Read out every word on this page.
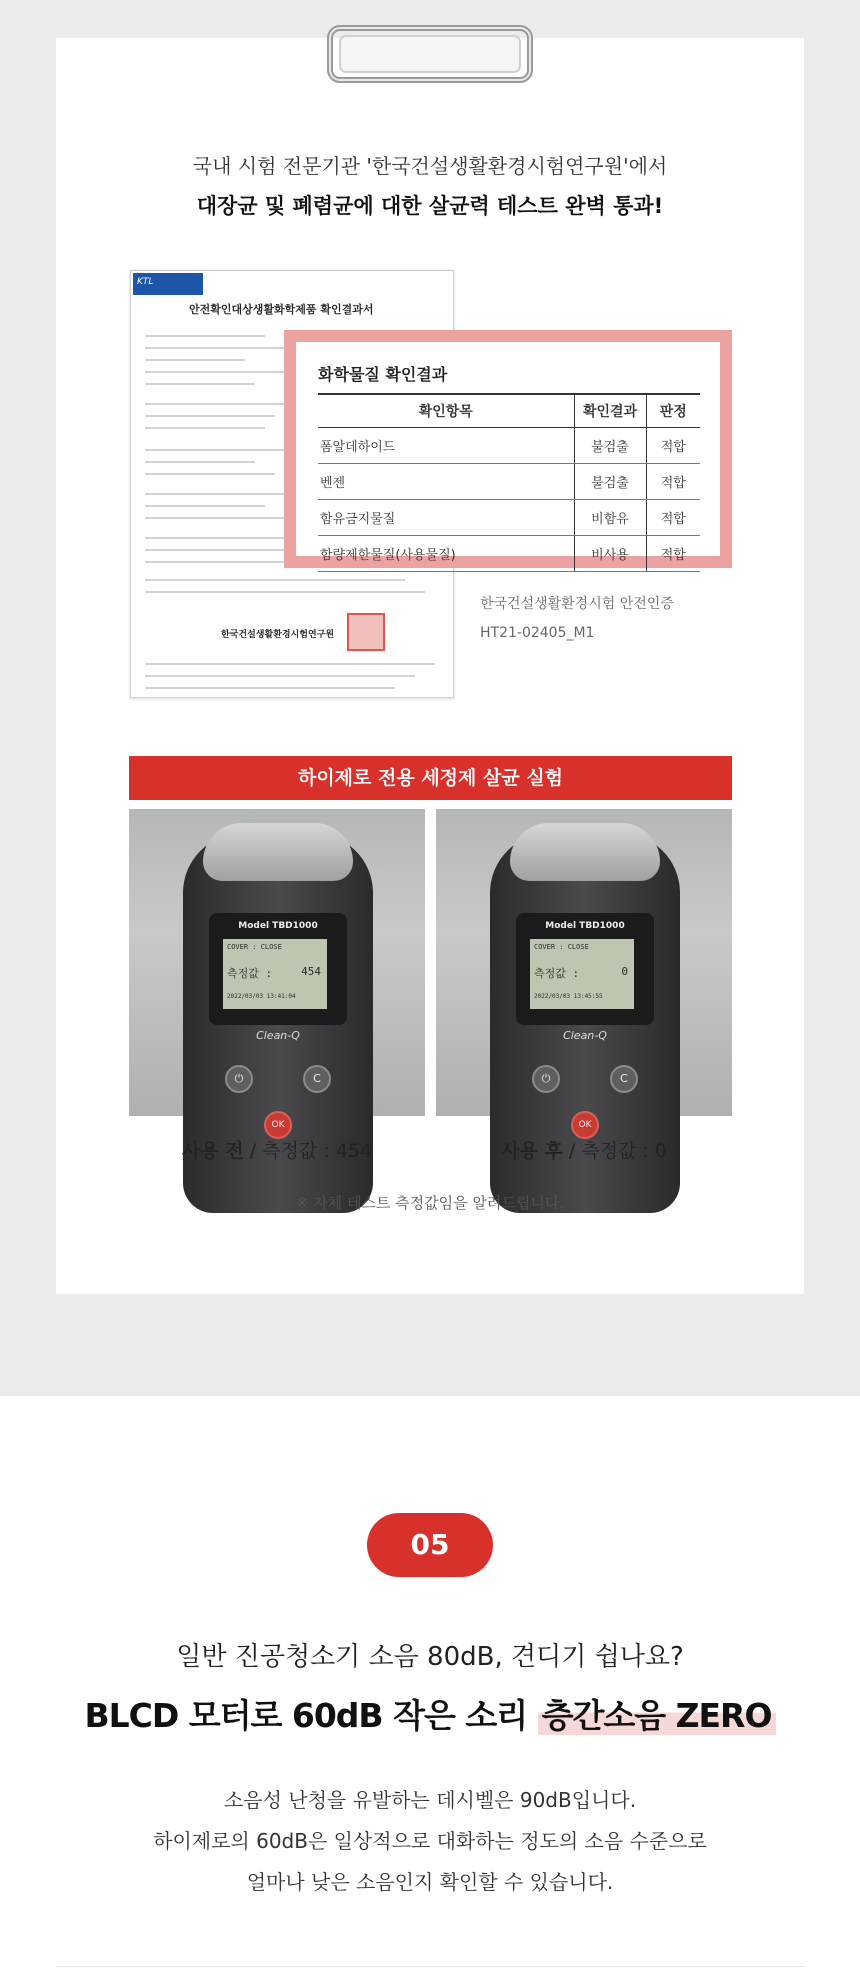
국내 시험 전문기관 '한국건설생활환경시험연구원'에서

대장균 및 폐렴균에 대한 살균력 테스트 완벽 통과!

KTL
안전확인대상생활화학제품 확인결과서
한국건설생활환경시험연구원
화학물질 확인결과
확인항목	확인결과	판정
폼알데하이드	불검출	적합
벤젠	불검출	적합
함유금지물질	비함유	적합
함량제한물질(사용물질)	비사용	적합
한국건설생활환경시험 안전인증
HT21-02405_M1
하이제로 전용 세정제 살균 실험
Model TBD1000
COVER : CLOSE
측정값 :	454
2022/03/03 13:41:04
Clean-Q
⏻	C
OK
Model TBD1000
COVER : CLOSE
측정값 :	0
2022/03/03 13:45:55
Clean-Q
⏻	C
OK
사용 전 / 측정값 : 454	사용 후 / 측정값 : 0

※ 자체 테스트 측정값임을 알려드립니다.

05

일반 진공청소기 소음 80dB, 견디기 쉽나요?

BLCD 모터로 60dB 작은 소리 층간소음 ZERO

소음성 난청을 유발하는 데시벨은 90dB입니다.
하이제로의 60dB은 일상적으로 대화하는 정도의 소음 수준으로
얼마나 낮은 소음인지 확인할 수 있습니다.
